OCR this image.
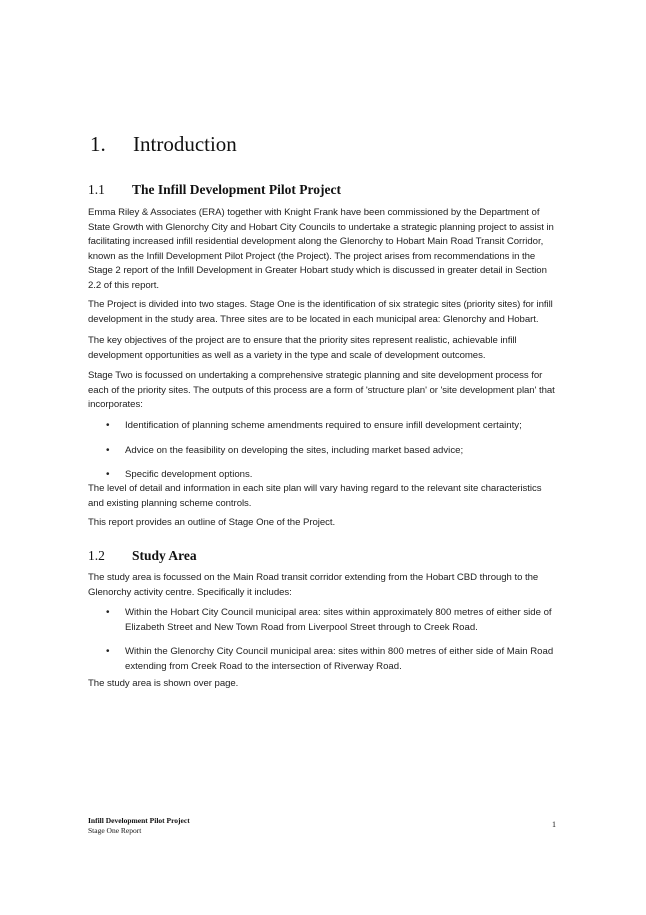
1. Introduction
1.1 The Infill Development Pilot Project
Emma Riley & Associates (ERA) together with Knight Frank have been commissioned by the Department of State Growth with Glenorchy City and Hobart City Councils to undertake a strategic planning project to assist in facilitating increased infill residential development along the Glenorchy to Hobart Main Road Transit Corridor, known as the Infill Development Pilot Project (the Project). The project arises from recommendations in the Stage 2 report of the Infill Development in Greater Hobart study which is discussed in greater detail in Section 2.2 of this report.
The Project is divided into two stages. Stage One is the identification of six strategic sites (priority sites) for infill development in the study area. Three sites are to be located in each municipal area: Glenorchy and Hobart.
The key objectives of the project are to ensure that the priority sites represent realistic, achievable infill development opportunities as well as a variety in the type and scale of development outcomes.
Stage Two is focussed on undertaking a comprehensive strategic planning and site development process for each of the priority sites. The outputs of this process are a form of 'structure plan' or 'site development plan' that incorporates:
• Identification of planning scheme amendments required to ensure infill development certainty;
• Advice on the feasibility on developing the sites, including market based advice;
• Specific development options.
The level of detail and information in each site plan will vary having regard to the relevant site characteristics and existing planning scheme controls.
This report provides an outline of Stage One of the Project.
1.2 Study Area
The study area is focussed on the Main Road transit corridor extending from the Hobart CBD through to the Glenorchy activity centre. Specifically it includes:
• Within the Hobart City Council municipal area: sites within approximately 800 metres of either side of Elizabeth Street and New Town Road from Liverpool Street through to Creek Road.
• Within the Glenorchy City Council municipal area: sites within 800 metres of either side of Main Road extending from Creek Road to the intersection of Riverway Road.
The study area is shown over page.
Infill Development Pilot Project
Stage One Report
1
